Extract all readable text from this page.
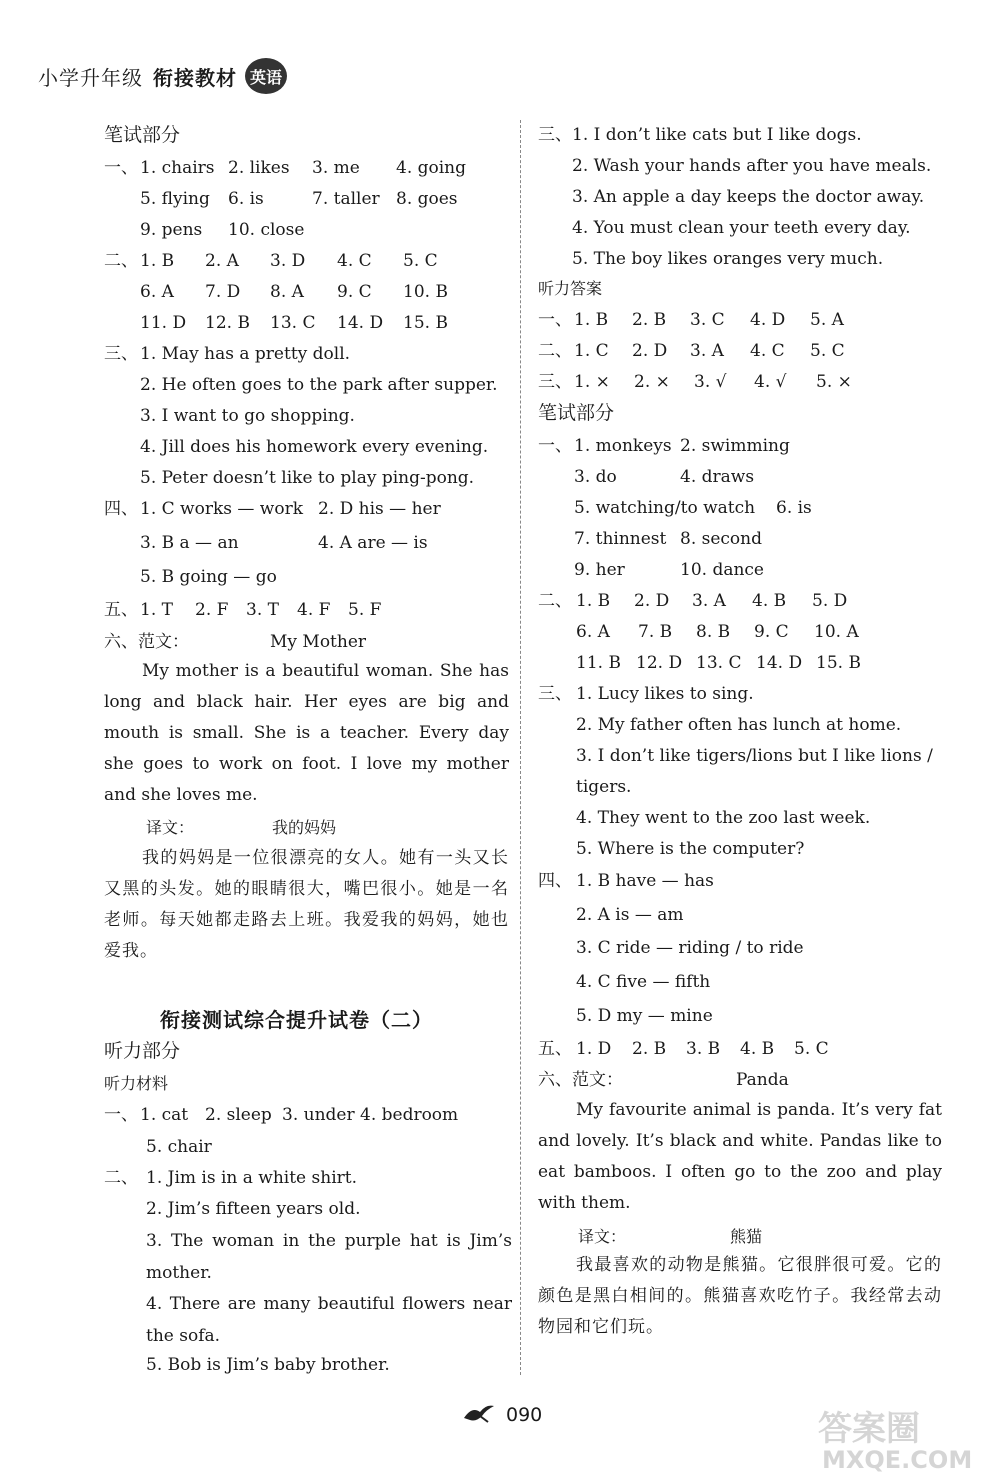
小学升年级 衔接教材 英语
笔试部分
一、 1. chairs 2. likes 3. me 4. going
5. flying 6. is	7. taller 8. goes
9. pens 10. close
二、 1. B 2. A 3. D 4. C 5. C
6. A 7. D 8. A 9. C 10. B
11. D 12. B 13. C 14. D 15. B
三、 1. May has a pretty doll.
2. He often goes to the park after supper.
3. I want to go shopping.
4. Jill does his homework every evening.
5. Peter doesn’t like to play ping-pong.
四、 1. C works — work 2. D his — her
3. B a — an	4. A are — is
5. B going — go
五、 1. T 2. F 3. T 4. F 5. F
六、范文：	My Mother
My mother is a beautiful woman. She has long and black hair. Her eyes are big and mouth is small. She is a teacher. Every day she goes to work on foot. I love my mother and she loves me.
译文：	我的妈妈
我的妈妈是一位很漂亮的女人。她有一头又长又黑的头发。她的眼睛很大，嘴巴很小。她是一名老师。每天她都走路去上班。我爱我的妈妈，她也爱我。
衔接测试综合提升试卷（二）
听力部分
听力材料
一、 1. cat 2. sleep 3. under 4. bedroom
5. chair
二、 1. Jim is in a white shirt.
2. Jim’s fifteen years old.
3. The woman in the purple hat is Jim’s mother.
4. There are many beautiful flowers near the sofa.
5. Bob is Jim’s baby brother.
三、 1. I don’t like cats but I like dogs.
2. Wash your hands after you have meals.
3. An apple a day keeps the doctor away.
4. You must clean your teeth every day.
5. The boy likes oranges very much.
听力答案
一、 1. B 2. B 3. C 4. D 5. A
二、 1. C 2. D 3. A 4. C 5. C
三、 1. × 2. × 3. √ 4. √ 5. ×
笔试部分
一、 1. monkeys 2. swimming
3. do	4. draws
5. watching/to watch 6. is
7. thinnest 8. second
9. her	10. dance
二、 1. B 2. D 3. A 4. B 5. D
6. A 7. B 8. B 9. C 10. A
11. B 12. D 13. C 14. D 15. B
三、 1. Lucy likes to sing.
2. My father often has lunch at home.
3. I don’t like tigers/lions but I like lions /
tigers.
4. They went to the zoo last week.
5. Where is the computer?
四、 1. B have — has
2. A is — am
3. C ride — riding / to ride
4. C five — fifth
5. D my — mine
五、 1. D 2. B 3. B 4. B 5. C
六、范文：	Panda
My favourite animal is panda. It’s very fat and lovely. It’s black and white. Pandas like to eat bamboos. I often go to the zoo and play with them.
译文：	熊猫
我最喜欢的动物是熊猫。它很胖很可爱。它的颜色是黑白相间的。熊猫喜欢吃竹子。我经常去动物园和它们玩。
090	答案圈
MXQE.COM
